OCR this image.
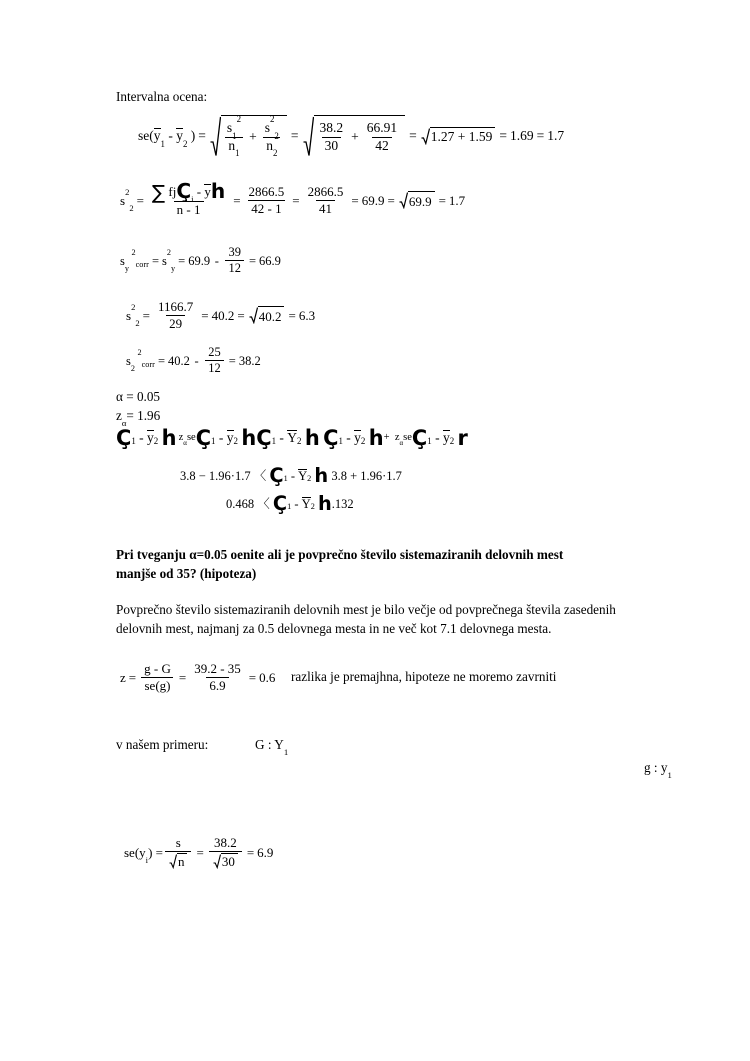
Intervalna ocena:

$se(y_1 - y_2$ ) = $\frac{s_1^2}{n_1} + \frac{s^2_2}{n_2} = \frac{38.2}{30} + \frac{66.91}{42} = 1.27 + 1.59 = 1.69 = 1.7$
$s^2_2$
= $\frac{\sum fjÇ_i - yh}{n - 1} = \frac{2866.5}{42 - 1} = \frac{2866.5}{41} = 69.9 = 69.9 = 1.7$
$s_y$ $^2$corr = $s^2_y$
= $69.9 - \frac{39}{12} = 66.9$
$s^2_2$
= $\frac{1166.7}{29} = 40.2 = 40.2 = 6.3$
$s_2$ $^2$corr = $40.2 - \frac{25}{12} = 38.2$

α = 0.05

$z_\alpha= 1.96$

$Ç_1 - y_2$
h  $z_\alpha se$ $Ç_1 - y_2$
h $Ç_1 - Y_2$
h
$Ç_1 - y_2$
$h + z_\alpha se$ $Ç_1 - y_2$
r
3.8 − 1.96·1.7 〈
$Ç_1 - Y_2$
h
3.8 + 1.96·1.7
0.468 〈
$Ç_1 - Y_2$
h .132

Pri tveganju α=0.05 oenite ali je povprečno število sistemaziranih delovnih mest

manjše od 35? (hipoteza)

Povprečno število sistemaziranih delovnih mest je bilo večje od povprečnega števila zasedenih delovnih mest, najmanj za 0.5 delovnega mesta in ne več kot 7.1 delovnega mesta.

$z = \frac{g - G}{se(g)} = \frac{39.2 - 35}{6.9} = 0.6$ razlika je premajhna, hipoteze ne moremo zavrniti
v našem primeru:	G : $Y_1$
g : $y_1$
$se(y_i) = \frac{s}{n} = \frac{38.2}{30} = 6.9$
